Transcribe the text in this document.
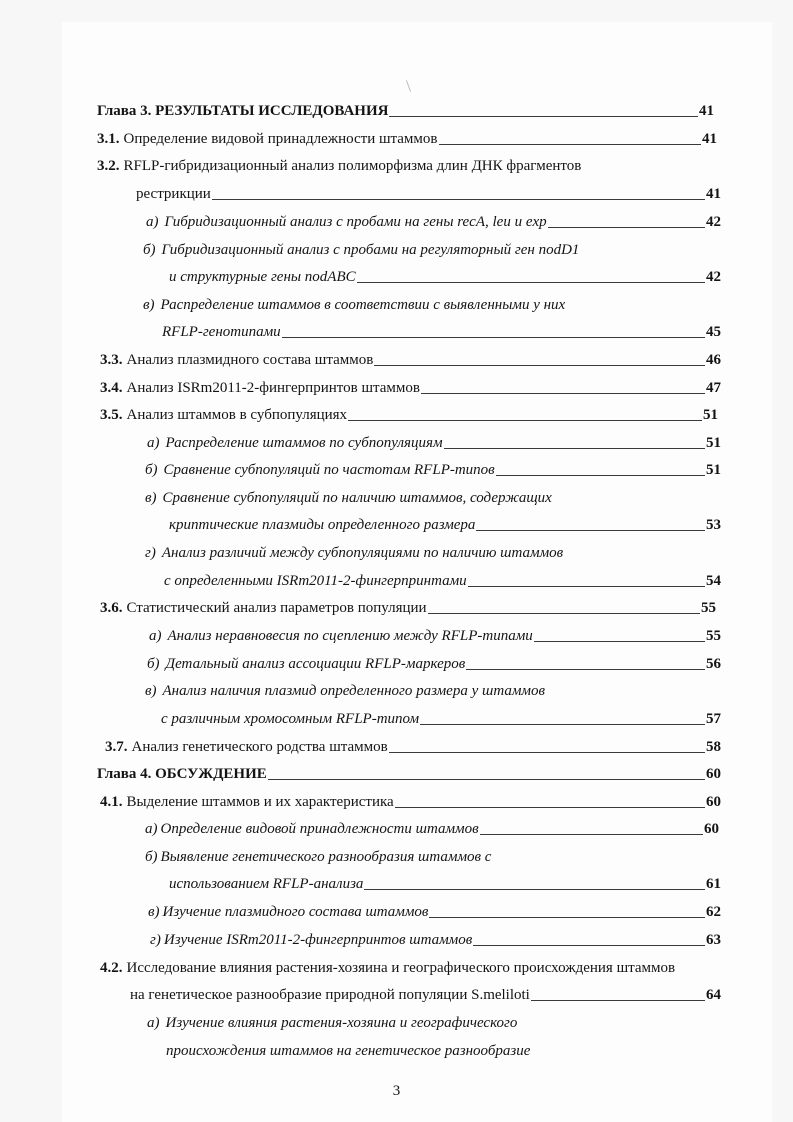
Глава 3. РЕЗУЛЬТАТЫ ИССЛЕДОВАНИЯ	41
3.1. Определение видовой принадлежности штаммов	41
3.2. RFLP-гибридизационный анализ полиморфизма длин ДНК фрагментов
рестрикции	41
а) Гибридизационный анализ с пробами на гены recA, leu и exp	42
б) Гибридизационный анализ с пробами на регуляторный ген nodD1
и структурные гены nodABC	42
в) Распределение штаммов в соответствии с выявленными у них
RFLP-генотипами	45
3.3. Анализ плазмидного состава штаммов	46
3.4. Анализ ISRm2011-2-фингерпринтов штаммов	47
3.5. Анализ штаммов в субпопуляциях	51
а) Распределение штаммов по субпопуляциям	51
б) Сравнение субпопуляций по частотам RFLP-типов	51
в) Сравнение субпопуляций по наличию штаммов, содержащих
криптические плазмиды определенного размера	53
г) Анализ различий между субпопуляциями по наличию штаммов
с определенными ISRm2011-2-фингерпринтами	54
3.6. Статистический анализ параметров популяции	55
а) Анализ неравновесия по сцеплению между RFLP-типами	55
б) Детальный анализ ассоциации RFLP-маркеров	56
в) Анализ наличия плазмид определенного размера у штаммов
с различным хромосомным RFLP-типом	57
3.7. Анализ генетического родства штаммов	58
Глава 4. ОБСУЖДЕНИЕ	60
4.1. Выделение штаммов и их характеристика	60
а) Определение видовой принадлежности штаммов	60
б) Выявление генетического разнообразия штаммов с
использованием RFLP-анализа	61
в) Изучение плазмидного состава штаммов	62
г) Изучение ISRm2011-2-фингерпринтов штаммов	63
4.2. Исследование влияния растения-хозяина и географического происхождения штаммов
на генетическое разнообразие природной популяции S.meliloti	64
а) Изучение влияния растения-хозяина и географического
происхождения штаммов на генетическое разнообразие
3
